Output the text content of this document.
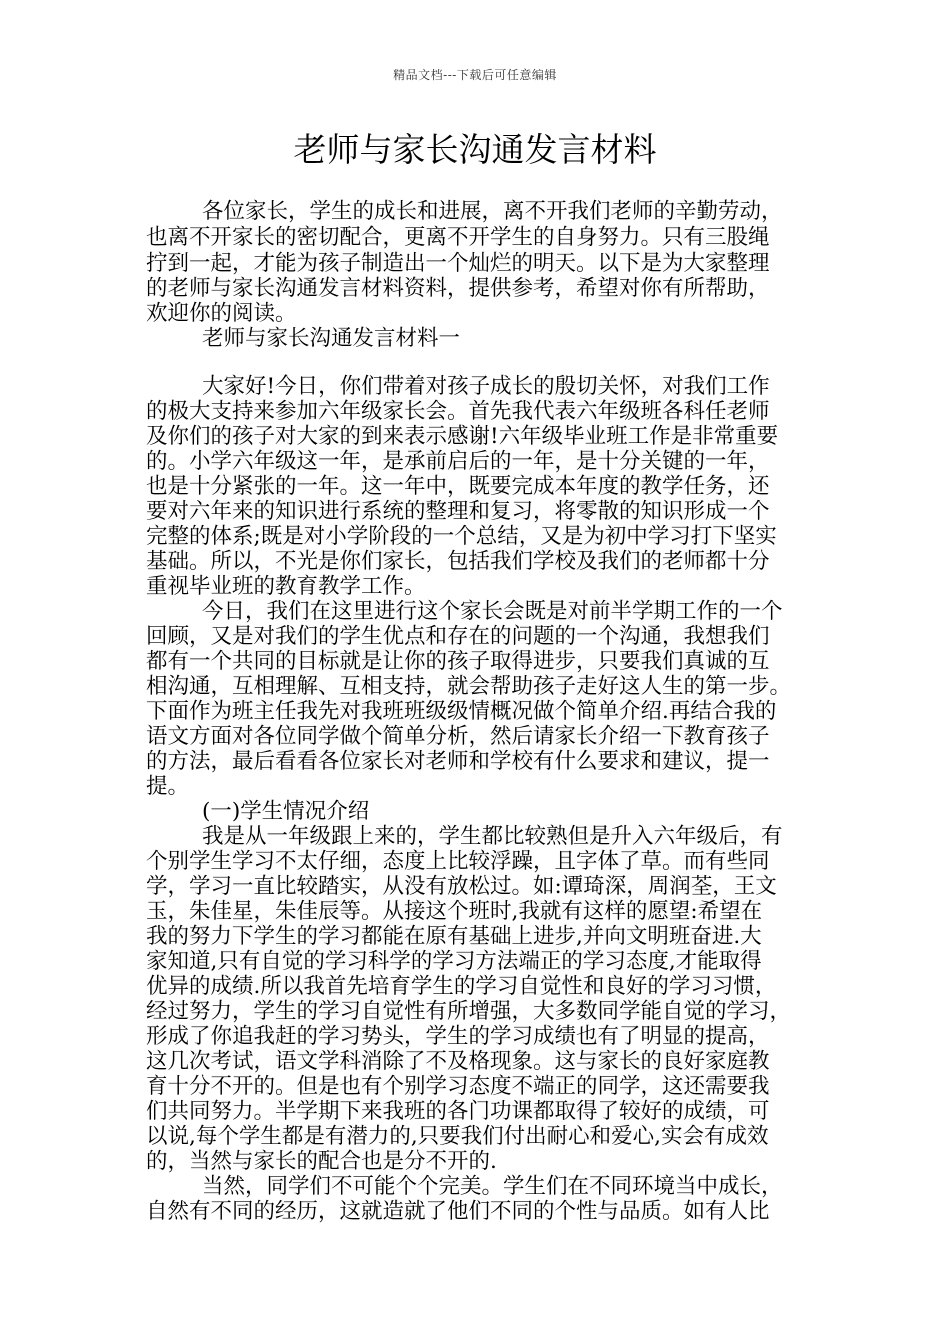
精品文档---下载后可任意编辑
老师与家长沟通发言材料
各位家长，学生的成长和进展，离不开我们老师的辛勤劳动，
也离不开家长的密切配合，更离不开学生的自身努力。只有三股绳
拧到一起，才能为孩子制造出一个灿烂的明天。以下是为大家整理
的老师与家长沟通发言材料资料，提供参考，希望对你有所帮助，
欢迎你的阅读。
老师与家长沟通发言材料一
大家好!今日，你们带着对孩子成长的殷切关怀，对我们工作
的极大支持来参加六年级家长会。首先我代表六年级班各科任老师
及你们的孩子对大家的到来表示感谢!六年级毕业班工作是非常重要
的。小学六年级这一年，是承前启后的一年，是十分关键的一年，
也是十分紧张的一年。这一年中，既要完成本年度的教学任务，还
要对六年来的知识进行系统的整理和复习，将零散的知识形成一个
完整的体系;既是对小学阶段的一个总结，又是为初中学习打下坚实
基础。所以，不光是你们家长，包括我们学校及我们的老师都十分
重视毕业班的教育教学工作。
今日，我们在这里进行这个家长会既是对前半学期工作的一个
回顾，又是对我们的学生优点和存在的问题的一个沟通，我想我们
都有一个共同的目标就是让你的孩子取得进步，只要我们真诚的互
相沟通，互相理解、互相支持，就会帮助孩子走好这人生的第一步。
下面作为班主任我先对我班班级级情概况做个简单介绍.再结合我的
语文方面对各位同学做个简单分析，然后请家长介绍一下教育孩子
的方法，最后看看各位家长对老师和学校有什么要求和建议，提一
提。
(一)学生情况介绍
我是从一年级跟上来的，学生都比较熟但是升入六年级后，有
个别学生学习不太仔细，态度上比较浮躁，且字体了草。而有些同
学，学习一直比较踏实，从没有放松过。如:谭琦深，周润荃，王文
玉，朱佳星，朱佳辰等。从接这个班时,我就有这样的愿望:希望在
我的努力下学生的学习都能在原有基础上进步,并向文明班奋进.大
家知道,只有自觉的学习科学的学习方法端正的学习态度,才能取得
优异的成绩.所以我首先培育学生的学习自觉性和良好的学习习惯，
经过努力，学生的学习自觉性有所增强，大多数同学能自觉的学习，
形成了你追我赶的学习势头，学生的学习成绩也有了明显的提高，
这几次考试，语文学科消除了不及格现象。这与家长的良好家庭教
育十分不开的。但是也有个别学习态度不端正的同学，这还需要我
们共同努力。半学期下来我班的各门功课都取得了较好的成绩，可
以说,每个学生都是有潜力的,只要我们付出耐心和爱心,实会有成效
的，当然与家长的配合也是分不开的.
当然，同学们不可能个个完美。学生们在不同环境当中成长，
自然有不同的经历，这就造就了他们不同的个性与品质。如有人比
